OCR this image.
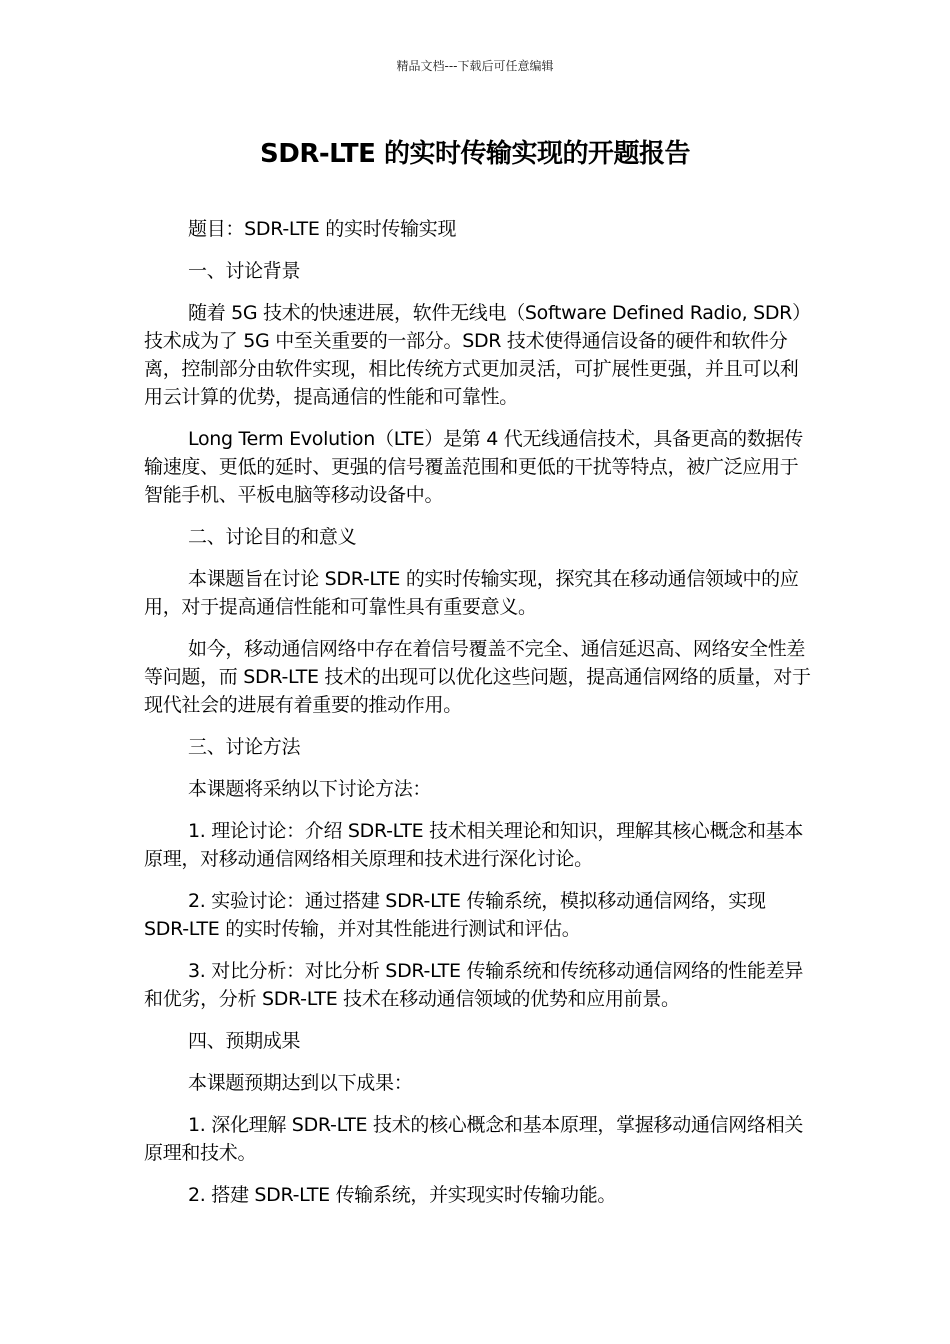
精品文档---下载后可任意编辑
SDR-LTE 的实时传输实现的开题报告

题目：SDR-LTE 的实时传输实现

一、讨论背景

随着 5G 技术的快速进展，软件无线电（Software Defined Radio, SDR）技术成为了 5G 中至关重要的一部分。SDR 技术使得通信设备的硬件和软件分离，控制部分由软件实现，相比传统方式更加灵活，可扩展性更强，并且可以利用云计算的优势，提高通信的性能和可靠性。

Long Term Evolution（LTE）是第 4 代无线通信技术，具备更高的数据传输速度、更低的延时、更强的信号覆盖范围和更低的干扰等特点，被广泛应用于智能手机、平板电脑等移动设备中。

二、讨论目的和意义

本课题旨在讨论 SDR-LTE 的实时传输实现，探究其在移动通信领域中的应用，对于提高通信性能和可靠性具有重要意义。

如今，移动通信网络中存在着信号覆盖不完全、通信延迟高、网络安全性差等问题，而 SDR-LTE 技术的出现可以优化这些问题，提高通信网络的质量，对于现代社会的进展有着重要的推动作用。

三、讨论方法

本课题将采纳以下讨论方法：

1. 理论讨论：介绍 SDR-LTE 技术相关理论和知识，理解其核心概念和基本原理，对移动通信网络相关原理和技术进行深化讨论。

2. 实验讨论：通过搭建 SDR-LTE 传输系统，模拟移动通信网络，实现 SDR-LTE 的实时传输，并对其性能进行测试和评估。

3. 对比分析：对比分析 SDR-LTE 传输系统和传统移动通信网络的性能差异和优劣，分析 SDR-LTE 技术在移动通信领域的优势和应用前景。

四、预期成果

本课题预期达到以下成果：

1. 深化理解 SDR-LTE 技术的核心概念和基本原理，掌握移动通信网络相关原理和技术。

2. 搭建 SDR-LTE 传输系统，并实现实时传输功能。
